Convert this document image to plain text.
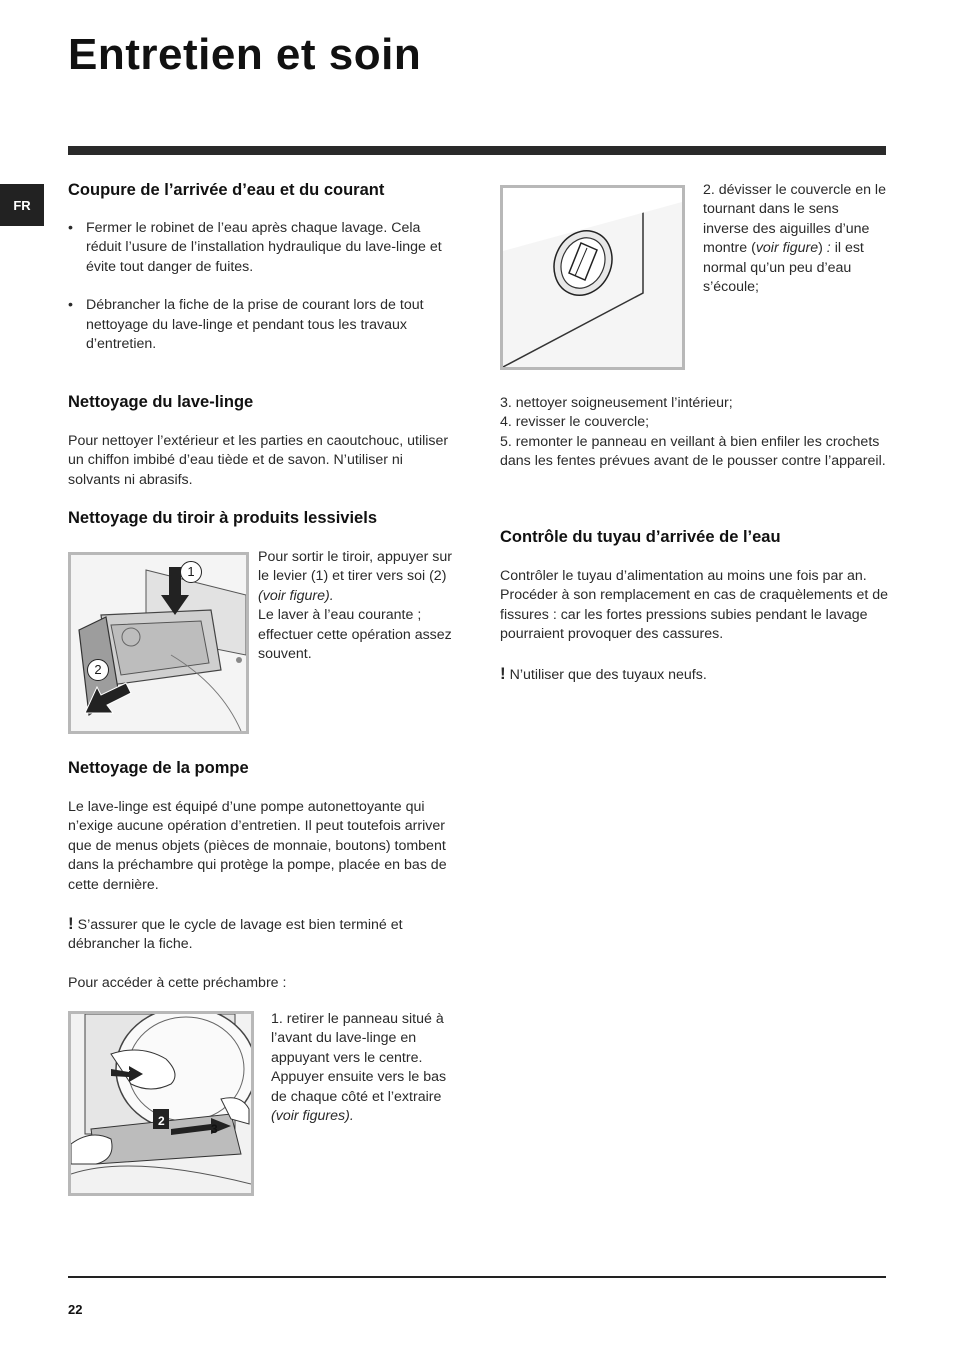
Entretien et soin
FR
Coupure de l’arrivée d’eau et du courant
• Fermer le robinet de l’eau après chaque lavage. Cela réduit l’usure de l’installation hydraulique du lave-linge et évite tout danger de fuites.
• Débrancher la fiche de la prise de courant lors de tout nettoyage du lave-linge et pendant tous les travaux d’entretien.
Nettoyage du lave-linge

Pour nettoyer l’extérieur et les parties en caoutchouc, utiliser un chiffon imbibé d’eau tiède et de savon. N’utiliser ni solvants ni abrasifs.

Nettoyage du tiroir à produits lessiviels
1
2

Pour sortir le tiroir, appuyer sur le levier (1) et tirer vers soi (2) (voir figure).

Le laver à l’eau courante ; effectuer cette opération assez souvent.

Nettoyage de la pompe

Le lave-linge est équipé d’une pompe autonettoyante qui n’exige aucune opération d’entretien. Il peut toutefois arriver que de menus objets (pièces de monnaie, boutons) tombent dans la préchambre qui protège la pompe, placée en bas de cette dernière.

! S’assurer que le cycle de lavage est bien terminé et débrancher la fiche.

Pour accéder à cette préchambre :

1
2
3

1. retirer le panneau situé à l’avant du lave-linge en appuyant vers le centre. Appuyer ensuite vers le bas de chaque côté et l’extraire (voir figures).

2. dévisser le couvercle en le tournant dans le sens inverse des aiguilles d’une montre (voir figure) : il est normal qu’un peu d’eau s’écoule;

3. nettoyer soigneusement l’intérieur;

4. revisser le couvercle;

5. remonter le panneau en veillant à bien enfiler les crochets dans les fentes prévues avant de le pousser contre l’appareil.

Contrôle du tuyau d’arrivée de l’eau

Contrôler le tuyau d’alimentation au moins une fois par an. Procéder à son remplacement en cas de craquèlements et de fissures : car les fortes pressions subies pendant le lavage pourraient provoquer des cassures.

! N’utiliser que des tuyaux neufs.

22
